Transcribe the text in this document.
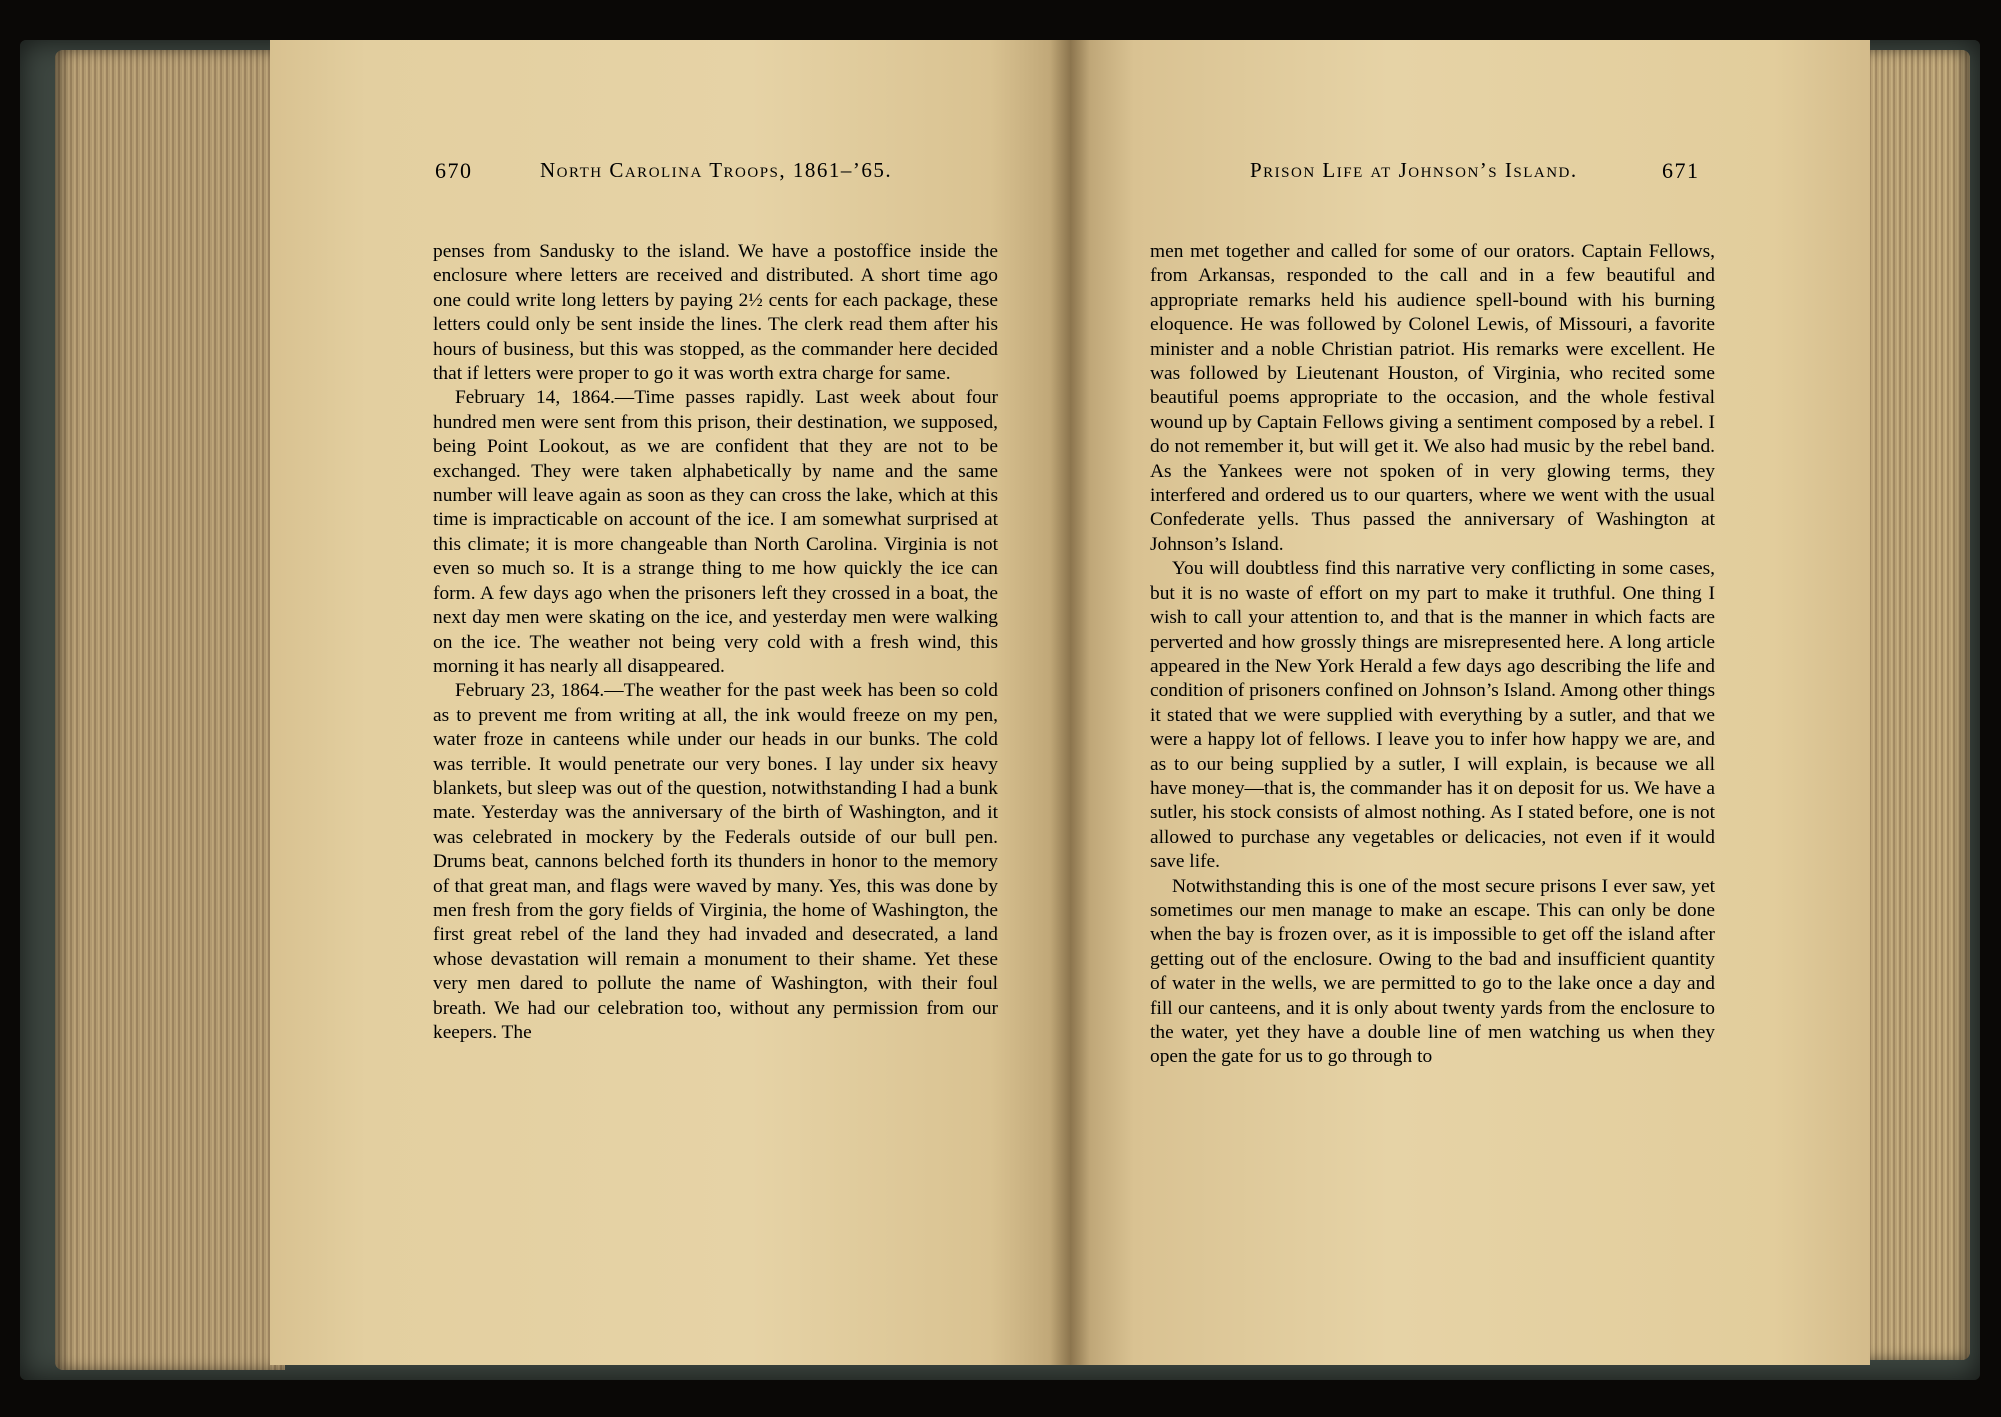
670	North Carolina Troops, 1861–’65.	Prison Life at Johnson’s Island.	671

penses from Sandusky to the island. We have a postoffice inside the enclosure where letters are received and distributed. A short time ago one could write long letters by paying 2½ cents for each package, these letters could only be sent inside the lines. The clerk read them after his hours of business, but this was stopped, as the commander here decided that if letters were proper to go it was worth extra charge for same.

February 14, 1864.—Time passes rapidly. Last week about four hundred men were sent from this prison, their destination, we supposed, being Point Lookout, as we are confident that they are not to be exchanged. They were taken alphabetically by name and the same number will leave again as soon as they can cross the lake, which at this time is impracticable on account of the ice. I am somewhat surprised at this climate; it is more changeable than North Carolina. Virginia is not even so much so. It is a strange thing to me how quickly the ice can form. A few days ago when the prisoners left they crossed in a boat, the next day men were skating on the ice, and yesterday men were walking on the ice. The weather not being very cold with a fresh wind, this morning it has nearly all disappeared.

February 23, 1864.—The weather for the past week has been so cold as to prevent me from writing at all, the ink would freeze on my pen, water froze in canteens while under our heads in our bunks. The cold was terrible. It would penetrate our very bones. I lay under six heavy blankets, but sleep was out of the question, notwithstanding I had a bunk mate. Yesterday was the anniversary of the birth of Washington, and it was celebrated in mockery by the Federals outside of our bull pen. Drums beat, cannons belched forth its thunders in honor to the memory of that great man, and flags were waved by many. Yes, this was done by men fresh from the gory fields of Virginia, the home of Washington, the first great rebel of the land they had invaded and desecrated, a land whose devastation will remain a monument to their shame. Yet these very men dared to pollute the name of Washington, with their foul breath. We had our celebration too, without any permission from our keepers. The

men met together and called for some of our orators. Captain Fellows, from Arkansas, responded to the call and in a few beautiful and appropriate remarks held his audience spell-bound with his burning eloquence. He was followed by Colonel Lewis, of Missouri, a favorite minister and a noble Christian patriot. His remarks were excellent. He was followed by Lieutenant Houston, of Virginia, who recited some beautiful poems appropriate to the occasion, and the whole festival wound up by Captain Fellows giving a sentiment composed by a rebel. I do not remember it, but will get it. We also had music by the rebel band. As the Yankees were not spoken of in very glowing terms, they interfered and ordered us to our quarters, where we went with the usual Confederate yells. Thus passed the anniversary of Washington at Johnson’s Island.

You will doubtless find this narrative very conflicting in some cases, but it is no waste of effort on my part to make it truthful. One thing I wish to call your attention to, and that is the manner in which facts are perverted and how grossly things are misrepresented here. A long article appeared in the New York Herald a few days ago describing the life and condition of prisoners confined on Johnson’s Island. Among other things it stated that we were supplied with everything by a sutler, and that we were a happy lot of fellows. I leave you to infer how happy we are, and as to our being supplied by a sutler, I will explain, is because we all have money—that is, the commander has it on deposit for us. We have a sutler, his stock consists of almost nothing. As I stated before, one is not allowed to purchase any vegetables or delicacies, not even if it would save life.

Notwithstanding this is one of the most secure prisons I ever saw, yet sometimes our men manage to make an escape. This can only be done when the bay is frozen over, as it is impossible to get off the island after getting out of the enclosure. Owing to the bad and insufficient quantity of water in the wells, we are permitted to go to the lake once a day and fill our canteens, and it is only about twenty yards from the enclosure to the water, yet they have a double line of men watching us when they open the gate for us to go through to
